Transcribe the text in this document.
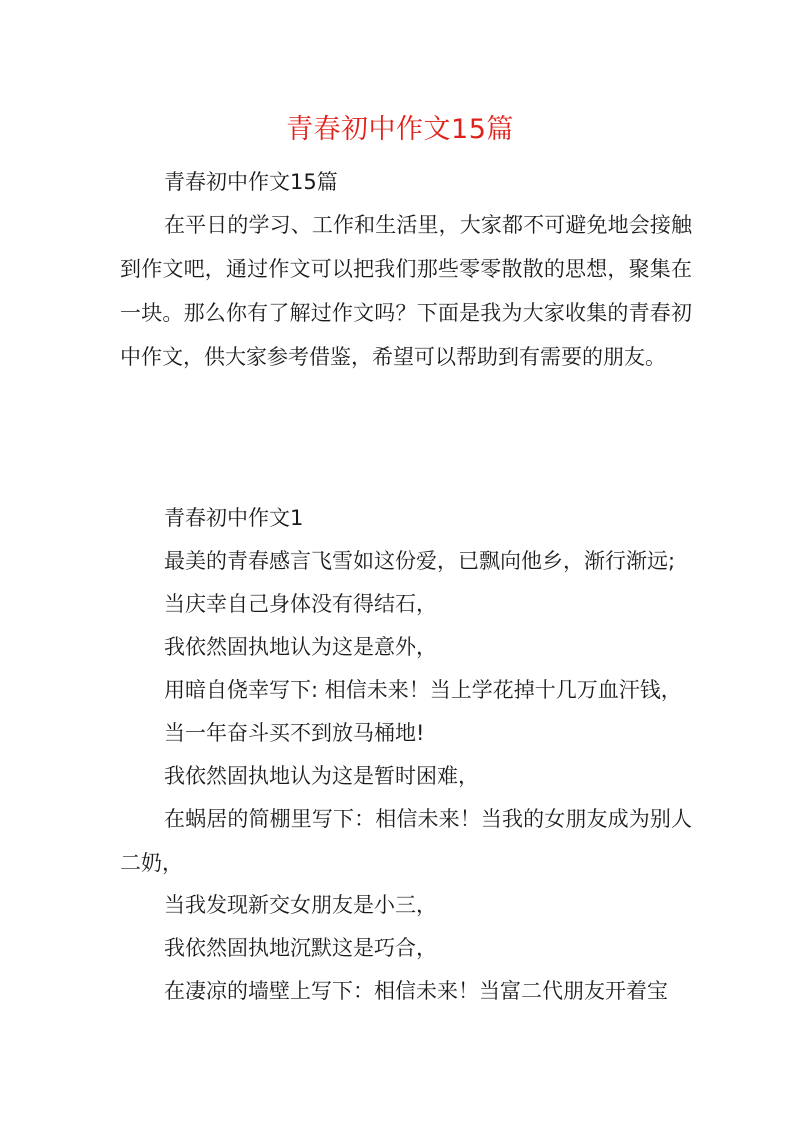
青春初中作文15篇

青春初中作文15篇

在平日的学习、工作和生活里，大家都不可避免地会接触到作文吧，通过作文可以把我们那些零零散散的思想，聚集在一块。那么你有了解过作文吗？下面是我为大家收集的青春初中作文，供大家参考借鉴，希望可以帮助到有需要的朋友。

青春初中作文1

最美的青春感言飞雪如这份爱，已飘向他乡，渐行渐远;

当庆幸自己身体没有得结石，

我依然固执地认为这是意外，

用暗自侥幸写下: 相信未来！当上学花掉十几万血汗钱，

当一年奋斗买不到放马桶地!

我依然固执地认为这是暂时困难，

在蜗居的简棚里写下：相信未来！当我的女朋友成为别人二奶，

当我发现新交女朋友是小三，

我依然固执地沉默这是巧合，

在凄凉的墙壁上写下：相信未来！当富二代朋友开着宝
